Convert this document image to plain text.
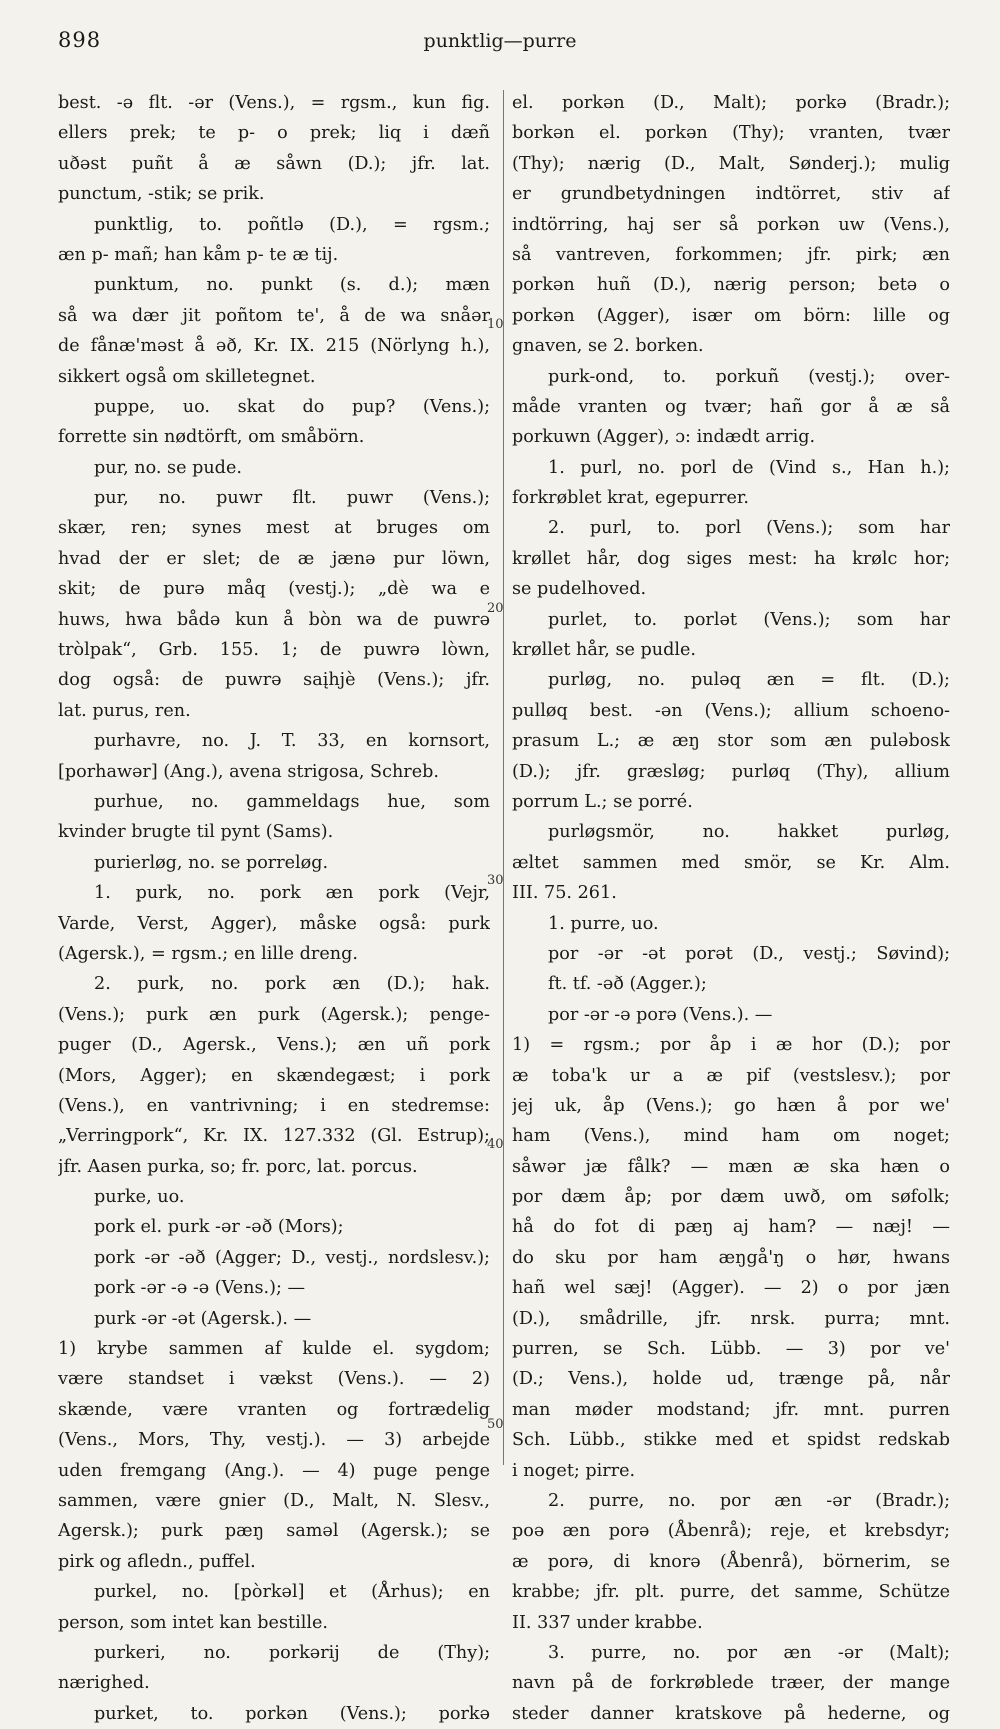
898	punktlig—purre
best. -ə flt. -ər (Vens.), = rgsm., kun fig.
ellers prek; te p- o prek; liq i dæñ
uðəst puñt å æ såwn (D.); jfr. lat.
punctum, -stik; se prik.
punktlig, to. poñtlə (D.), = rgsm.;
æn p- mañ; han kåm p- te æ tij.
punktum, no. punkt (s. d.); mæn
så wa dær jit poñtom te', å de wa snåər
de fånæ'məst å əð, Kr. IX. 215 (Nörlyng h.),
sikkert også om skilletegnet.
puppe, uo. skat do pup? (Vens.);
forrette sin nødtörft, om småbörn.
pur, no. se pude.
pur, no. puwr flt. puwr (Vens.);
skær, ren; synes mest at bruges om
hvad der er slet; de æ jænə pur löwn,
skit; de purə måq (vestj.); „dè wa e
huws, hwa bådə kun å bòn wa de puwrə
tròlpak“, Grb. 155. 1; de puwrə lòwn,
dog også: de puwrə saįhjè (Vens.); jfr.
lat. purus, ren.
purhavre, no. J. T. 33, en kornsort,
[porhawər] (Ang.), avena strigosa, Schreb.
purhue, no. gammeldags hue, som
kvinder brugte til pynt (Sams).
purierløg, no. se porreløg.
1. purk, no. pork æn pork (Vejr,
Varde, Verst, Agger), måske også: purk
(Agersk.), = rgsm.; en lille dreng.
2. purk, no. pork æn (D.); hak.
(Vens.); purk æn purk (Agersk.); penge-
puger (D., Agersk., Vens.); æn uñ pork
(Mors, Agger); en skændegæst; i pork
(Vens.), en vantrivning; i en stedremse:
„Verringpork“, Kr. IX. 127.332 (Gl. Estrup);
jfr. Aasen purka, so; fr. porc, lat. porcus.
purke, uo.
pork el. purk -ər -əð (Mors);
pork -ər -əð (Agger; D., vestj., nordslesv.);
pork -ər -ə -ə (Vens.); —
purk -ər -ət (Agersk.). —
1) krybe sammen af kulde el. sygdom;
være standset i vækst (Vens.). — 2)
skænde, være vranten og fortrædelig
(Vens., Mors, Thy, vestj.). — 3) arbejde
uden fremgang (Ang.). — 4) puge penge
sammen, være gnier (D., Malt, N. Slesv.,
Agersk.); purk pæŋ saməl (Agersk.); se
pirk og afledn., puffel.
purkel, no. [pòrkəl] et (Århus); en
person, som intet kan bestille.
purkeri, no. porkərij de (Thy);
nærighed.
purket, to. porkən (Vens.); porkə
el. porkən (D., Malt); porkə (Bradr.);
borkən el. porkən (Thy); vranten, tvær
(Thy); nærig (D., Malt, Sønderj.); mulig
er grundbetydningen indtörret, stiv af
indtörring, haj ser så porkən uw (Vens.),
så vantreven, forkommen; jfr. pirk; æn
porkən huñ (D.), nærig person; betə o
porkən (Agger), især om börn: lille og
gnaven, se 2. borken.
purk-ond, to. porkuñ (vestj.); over-
måde vranten og tvær; hañ gor å æ så
porkuwn (Agger), ɔ: indædt arrig.
1. purl, no. porl de (Vind s., Han h.);
forkrøblet krat, egepurrer.
2. purl, to. porl (Vens.); som har
krøllet hår, dog siges mest: ha krølc hor;
se pudelhoved.
purlet, to. porlət (Vens.); som har
krøllet hår, se pudle.
purløg, no. puləq æn = flt. (D.);
pulløq best. -ən (Vens.); allium schoeno-
prasum L.; æ æŋ stor som æn puləbosk
(D.); jfr. græsløg; purløq (Thy), allium
porrum L.; se porré.
purløgsmör, no. hakket purløg,
æltet sammen med smör, se Kr. Alm.
III. 75. 261.
1. purre, uo.
por -ər -ət porət (D., vestj.; Søvind);
ft. tf. -əð (Agger.);
por -ər -ə porə (Vens.). —
1) = rgsm.; por åp i æ hor (D.); por
æ toba'k ur a æ pif (vestslesv.); por
jej uk, åp (Vens.); go hæn å por we'
ham (Vens.), mind ham om noget;
såwər jæ fålk? — mæn æ ska hæn o
por dæm åp; por dæm uwð, om søfolk;
hå do fot di pæŋ aj ham? — næj! —
do sku por ham æŋgå'ŋ o hør, hwans
hañ wel sæj! (Agger). — 2) o por jæn
(D.), smådrille, jfr. nrsk. purra; mnt.
purren, se Sch. Lübb. — 3) por ve'
(D.; Vens.), holde ud, trænge på, når
man møder modstand; jfr. mnt. purren
Sch. Lübb., stikke med et spidst redskab
i noget; pirre.
2. purre, no. por æn -ər (Bradr.);
poə æn porə (Åbenrå); reje, et krebsdyr;
æ porə, di knorə (Åbenrå), börnerim, se
krabbe; jfr. plt. purre, det samme, Schütze
II. 337 under krabbe.
3. purre, no. por æn -ər (Malt);
navn på de forkrøblede træer, der mange
steder danner kratskove på hederne, og
10
20
30
40
50
